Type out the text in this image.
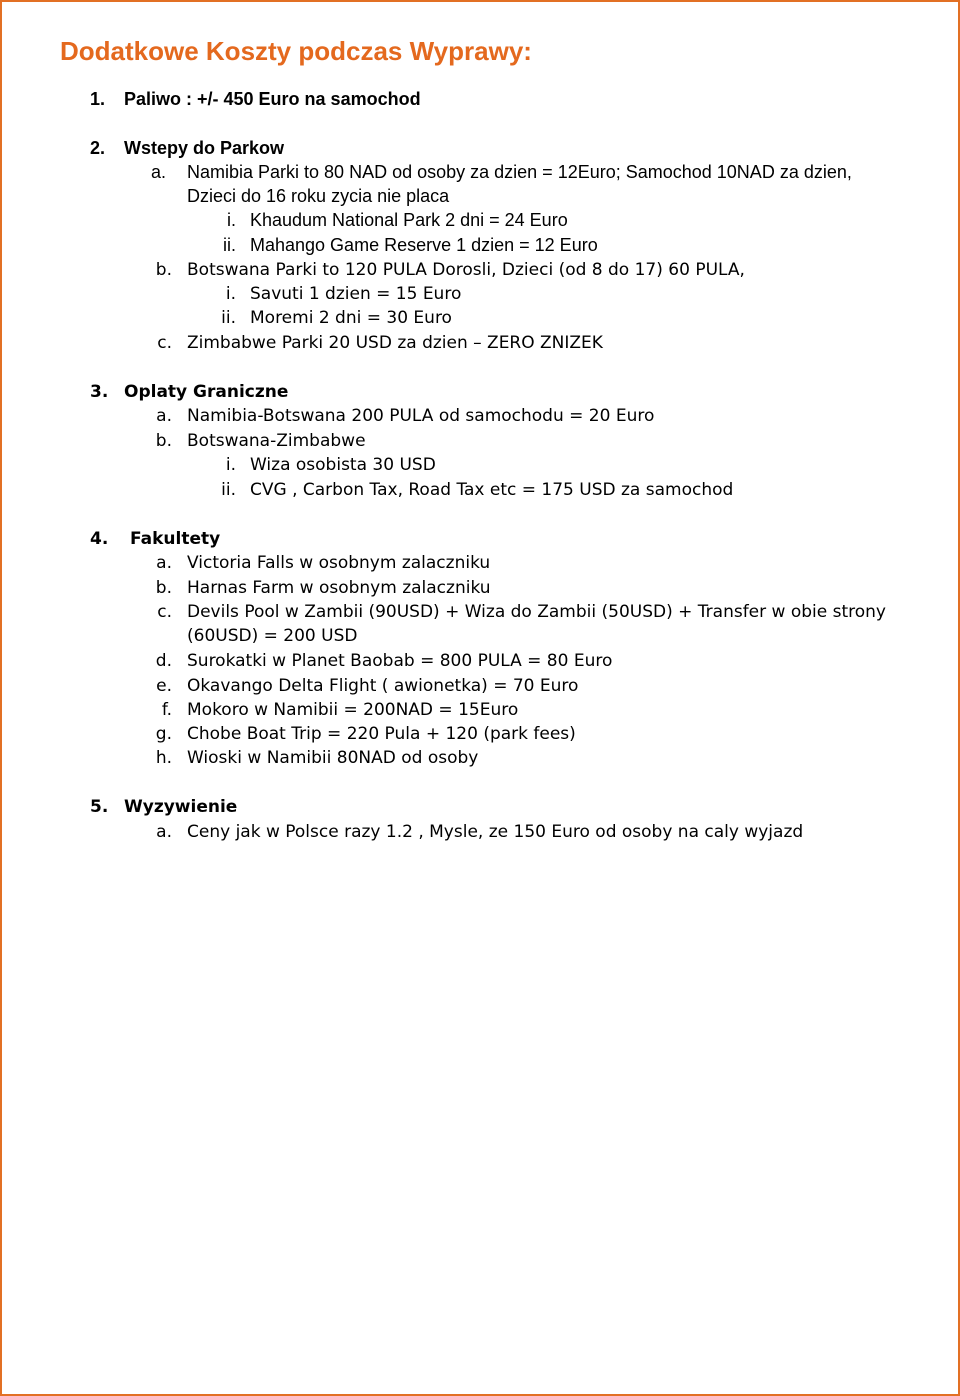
Dodatkowe Koszty podczas Wyprawy:
1. Paliwo : +/- 450 Euro na samochod
2. Wstepy do Parkow
a. Namibia Parki to 80 NAD od osoby za dzien = 12Euro; Samochod 10NAD za dzien,
Dzieci do 16 roku zycia nie placa
i. Khaudum National Park 2 dni = 24 Euro
ii. Mahango Game Reserve 1 dzien = 12 Euro
b. Botswana Parki to 120 PULA Dorosli, Dzieci (od 8 do 17) 60 PULA,
i. Savuti 1 dzien = 15 Euro
ii. Moremi 2 dni = 30 Euro
c. Zimbabwe Parki 20 USD za dzien – ZERO ZNIZEK
3. Oplaty Graniczne
a. Namibia-Botswana 200 PULA od samochodu = 20 Euro
b. Botswana-Zimbabwe
i. Wiza osobista 30 USD
ii. CVG , Carbon Tax, Road Tax etc = 175 USD za samochod
4.	Fakultety
a. Victoria Falls w osobnym zalaczniku
b. Harnas Farm w osobnym zalaczniku
c. Devils Pool w Zambii (90USD) + Wiza do Zambii (50USD) + Transfer w obie strony
(60USD) = 200 USD
d. Surokatki w Planet Baobab = 800 PULA = 80 Euro
e. Okavango Delta Flight ( awionetka) = 70 Euro
f. Mokoro w Namibii = 200NAD = 15Euro
g. Chobe Boat Trip = 220 Pula + 120 (park fees)
h. Wioski w Namibii 80NAD od osoby
5. Wyzywienie
a. Ceny jak w Polsce razy 1.2 , Mysle, ze 150 Euro od osoby na caly wyjazd
